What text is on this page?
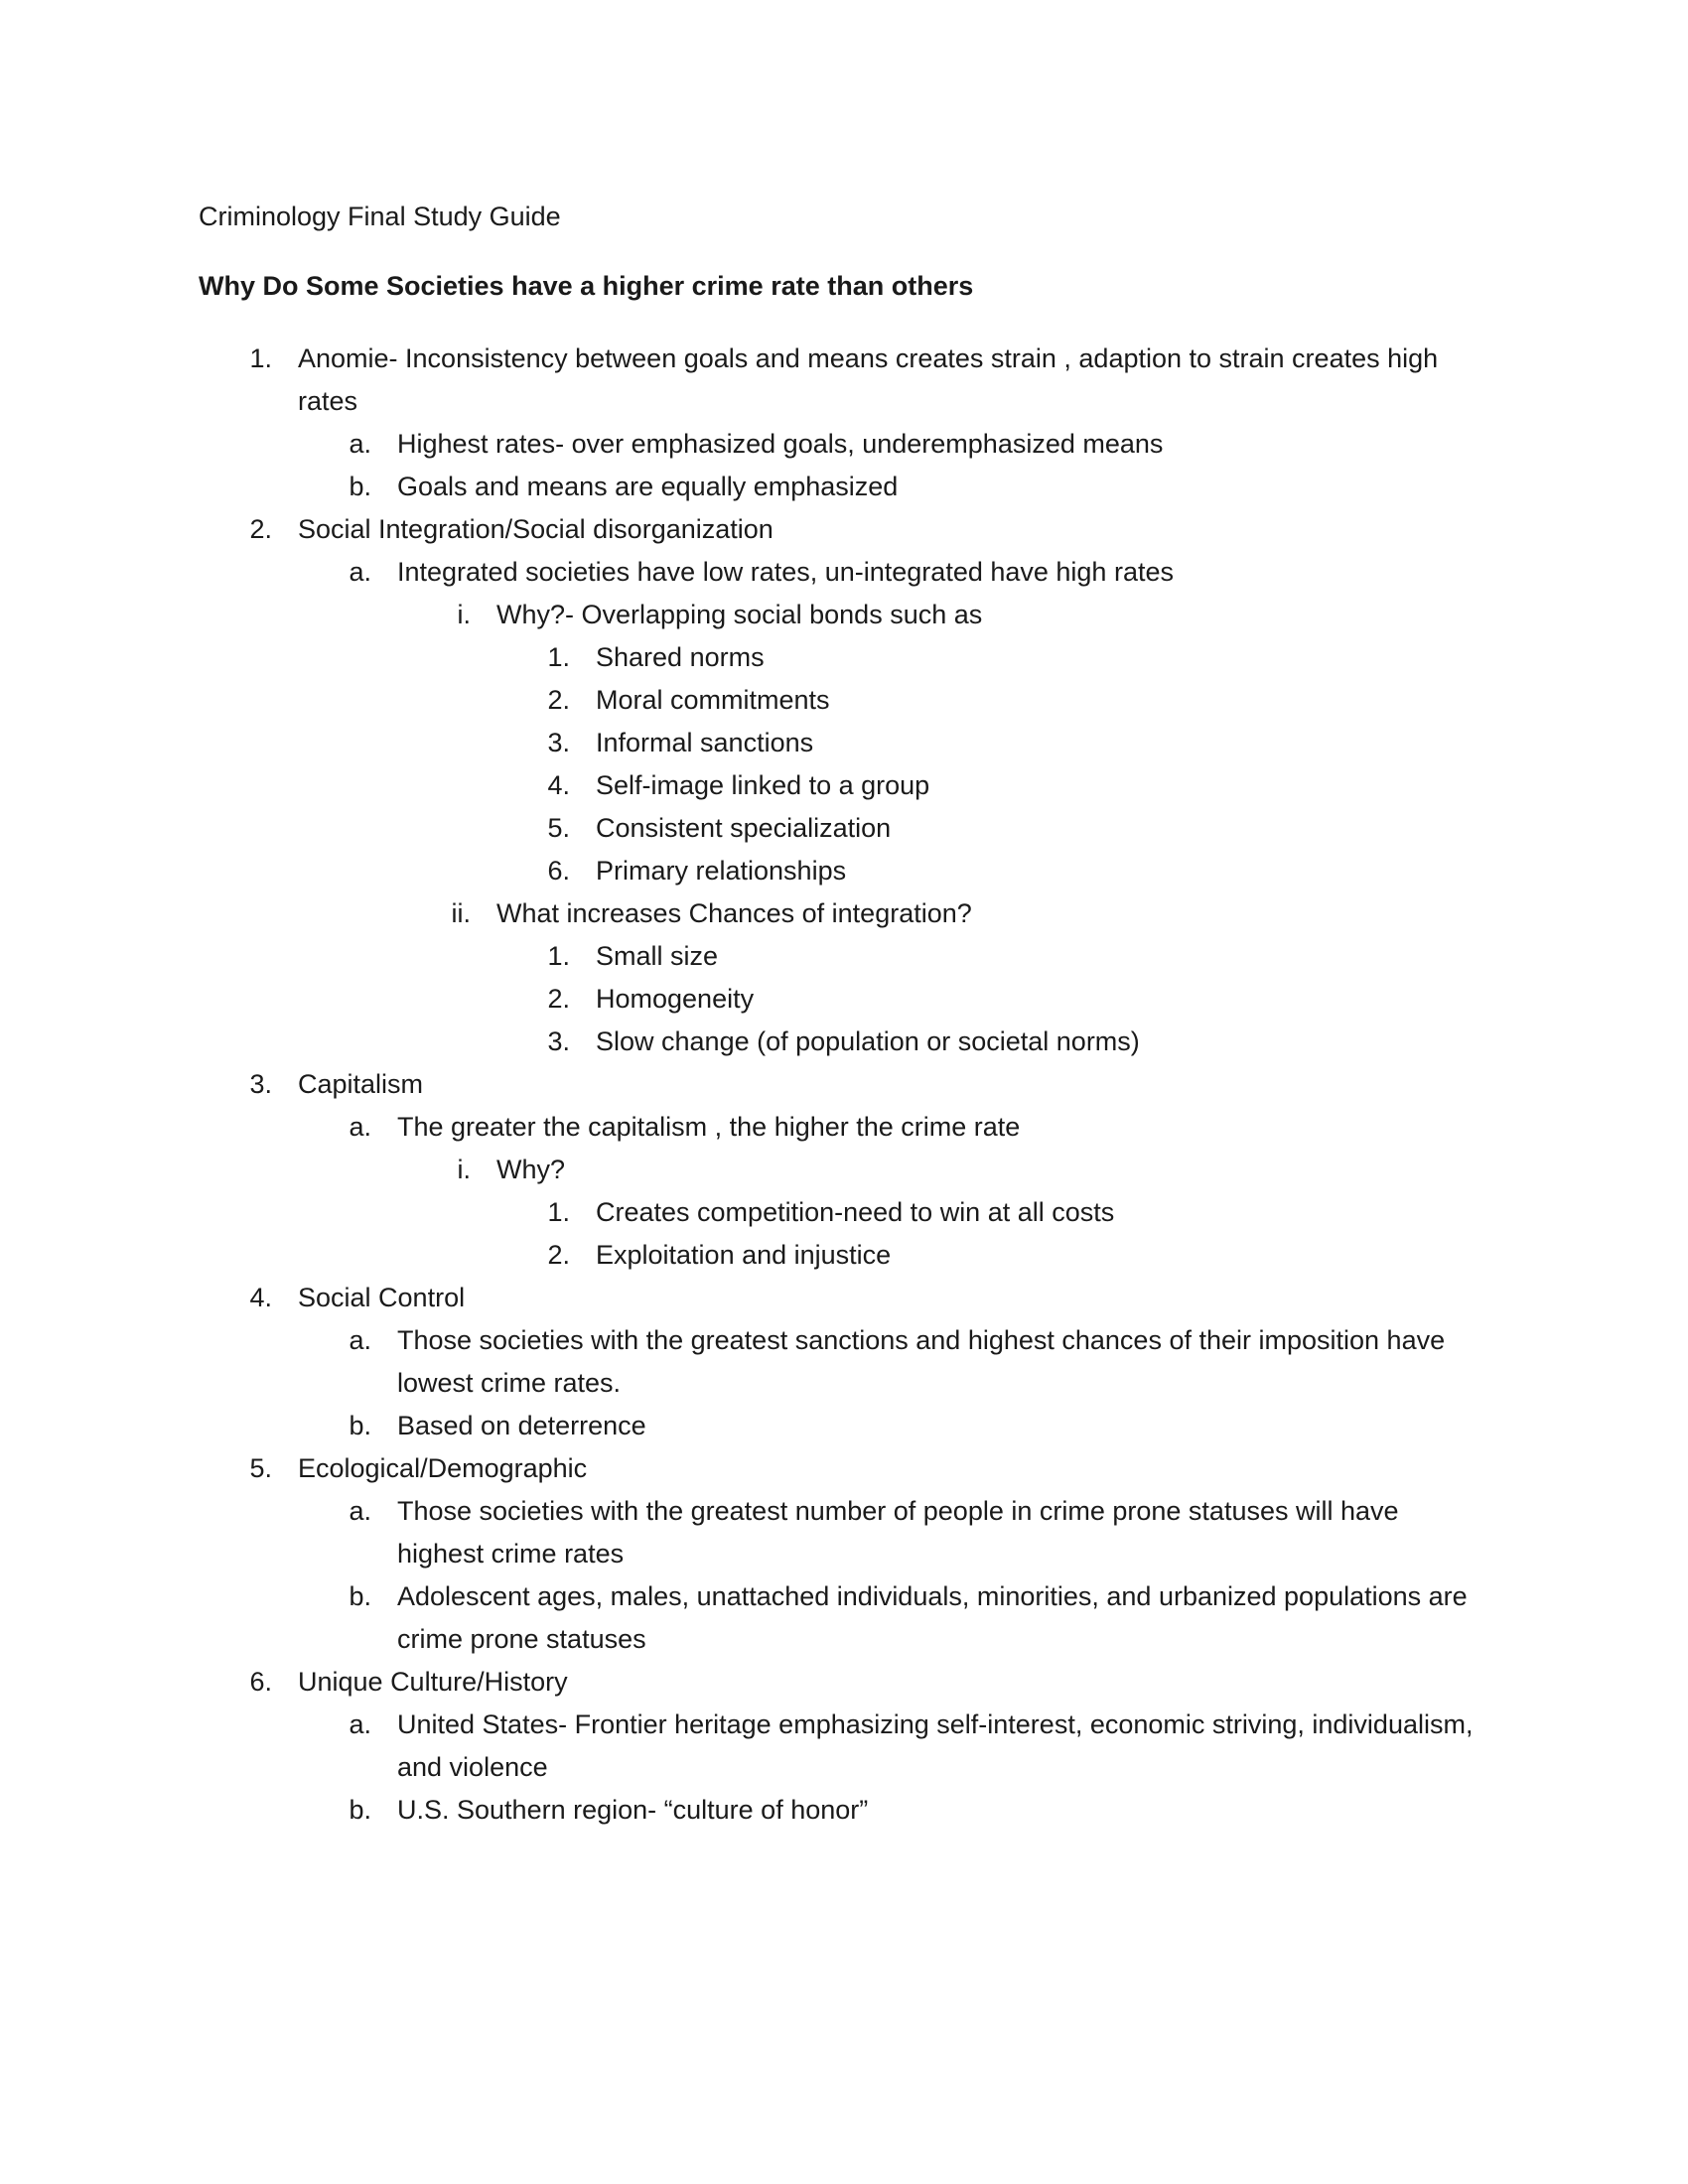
Criminology Final Study Guide
Why Do Some Societies have a higher crime rate than others
1. Anomie- Inconsistency between goals and means creates strain , adaption to strain creates high rates
a. Highest rates- over emphasized goals, underemphasized means
b. Goals and means are equally emphasized
2. Social Integration/Social disorganization
a. Integrated societies have low rates, un-integrated have high rates
i. Why?- Overlapping social bonds such as
1. Shared norms
2. Moral commitments
3. Informal sanctions
4. Self-image linked to a group
5. Consistent specialization
6. Primary relationships
ii. What increases Chances of integration?
1. Small size
2. Homogeneity
3. Slow change (of population or societal norms)
3. Capitalism
a. The greater the capitalism , the higher the crime rate
i. Why?
1. Creates competition-need to win at all costs
2. Exploitation and injustice
4. Social Control
a. Those societies with the greatest sanctions and highest chances of their imposition have lowest crime rates.
b. Based on deterrence
5. Ecological/Demographic
a. Those societies with the greatest number of people in crime prone statuses will have highest crime rates
b. Adolescent ages, males, unattached individuals, minorities, and urbanized populations are crime prone statuses
6. Unique Culture/History
a. United States- Frontier heritage emphasizing self-interest, economic striving, individualism, and violence
b. U.S. Southern region- “culture of honor”
